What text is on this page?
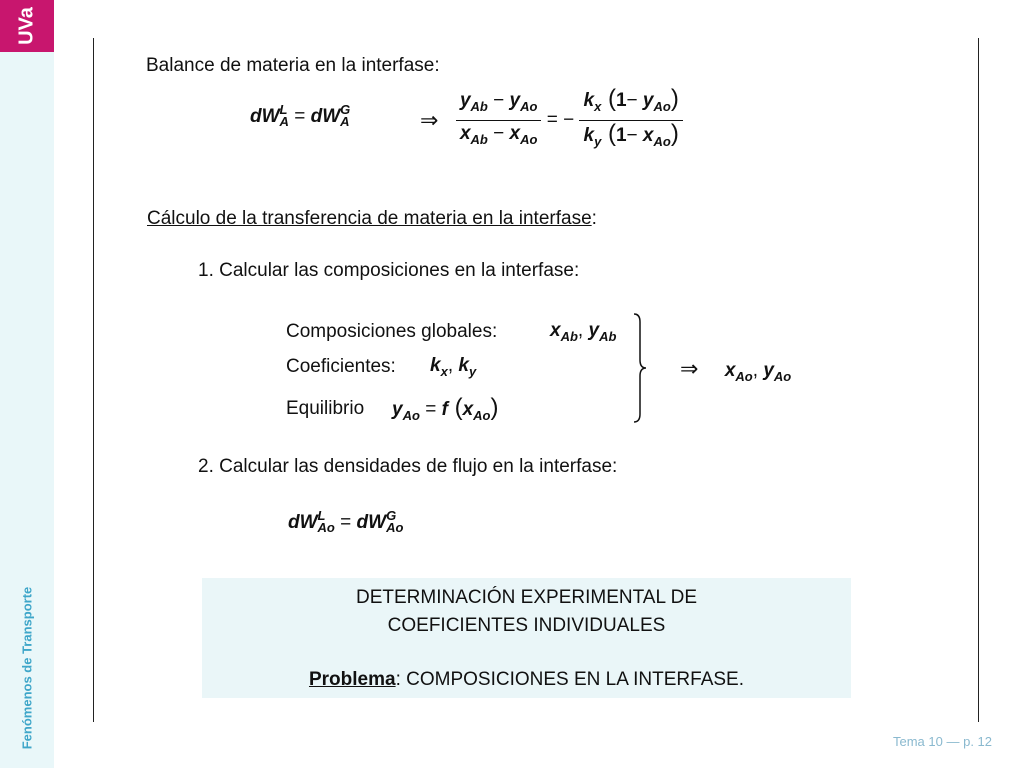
UVa
Fenómenos de Transporte
Balance de materia en la interfase:
dW L
A = dW G
A	⇒ $\frac{y_{Ab} - y_{Ao}}{x_{Ab} - x_{Ao}}$ = − $\frac{k_x (1- y_{Ao})}{k_y (1- x_{Ao})}$
Cálculo de la transferencia de materia en la interfase:
1. Calcular las composiciones en la interfase:
Composiciones globales:	$x_{Ab}$, $y_{Ab}$
Coeficientes: $k_x$, $k_y$
Equilibrio $y_{Ao} = f$ $(x_{Ao})$
⇒     $x_{Ao}$, $y_{Ao}$
2. Calcular las densidades de flujo en la interfase:
dW L
Ao = dW G
Ao
DETERMINACIÓN EXPERIMENTAL DE
COEFICIENTES INDIVIDUALES
Problema: COMPOSICIONES EN LA INTERFASE.
Tema 10 — p. 12
